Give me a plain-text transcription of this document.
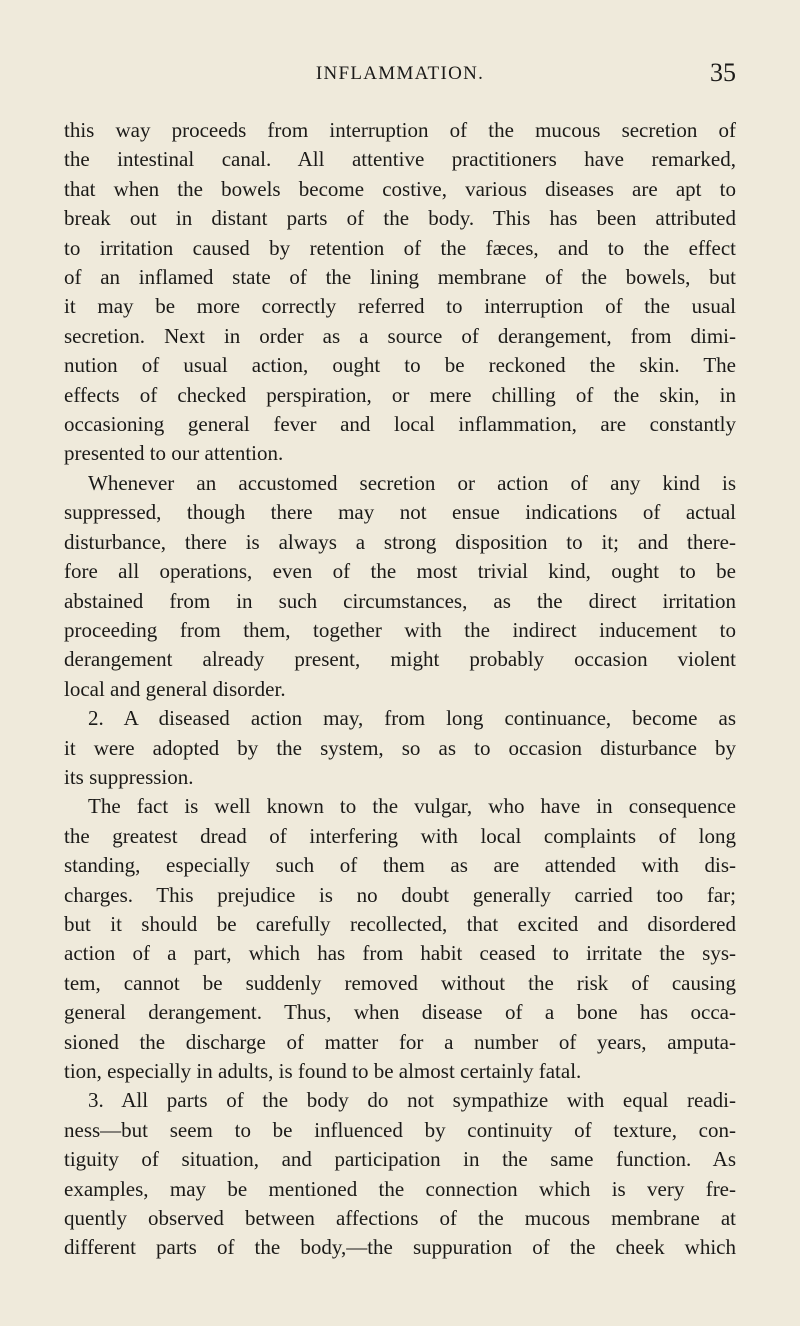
INFLAMMATION.	35

this way proceeds from interruption of the mucous secretion of

the intestinal canal. All attentive practitioners have remarked,

that when the bowels become costive, various diseases are apt to

break out in distant parts of the body. This has been attributed

to irritation caused by retention of the fæces, and to the effect

of an inflamed state of the lining membrane of the bowels, but

it may be more correctly referred to interruption of the usual

secretion. Next in order as a source of derangement, from dimi-

nution of usual action, ought to be reckoned the skin. The

effects of checked perspiration, or mere chilling of the skin, in

occasioning general fever and local inflammation, are constantly

presented to our attention.

Whenever an accustomed secretion or action of any kind is

suppressed, though there may not ensue indications of actual

disturbance, there is always a strong disposition to it; and there-

fore all operations, even of the most trivial kind, ought to be

abstained from in such circumstances, as the direct irritation

proceeding from them, together with the indirect inducement to

derangement already present, might probably occasion violent

local and general disorder.

2. A diseased action may, from long continuance, become as

it were adopted by the system, so as to occasion disturbance by

its suppression.

The fact is well known to the vulgar, who have in consequence

the greatest dread of interfering with local complaints of long

standing, especially such of them as are attended with dis-

charges. This prejudice is no doubt generally carried too far;

but it should be carefully recollected, that excited and disordered

action of a part, which has from habit ceased to irritate the sys-

tem, cannot be suddenly removed without the risk of causing

general derangement. Thus, when disease of a bone has occa-

sioned the discharge of matter for a number of years, amputa-

tion, especially in adults, is found to be almost certainly fatal.

3. All parts of the body do not sympathize with equal readi-

ness—but seem to be influenced by continuity of texture, con-

tiguity of situation, and participation in the same function. As

examples, may be mentioned the connection which is very fre-

quently observed between affections of the mucous membrane at

different parts of the body,—the suppuration of the cheek which
